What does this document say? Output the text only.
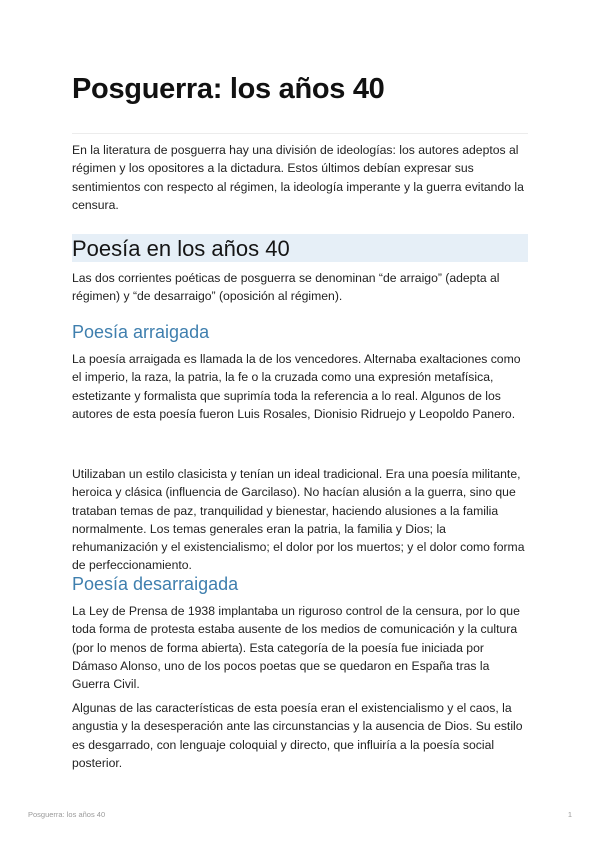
Posguerra: los años 40

En la literatura de posguerra hay una división de ideologías: los autores adeptos al régimen y los opositores a la dictadura. Estos últimos debían expresar sus sentimientos con respecto al régimen, la ideología imperante y la guerra evitando la censura.

Poesía en los años 40

Las dos corrientes poéticas de posguerra se denominan “de arraigo” (adepta al régimen) y “de desarraigo” (oposición al régimen).

Poesía arraigada

La poesía arraigada es llamada la de los vencedores. Alternaba exaltaciones como el imperio, la raza, la patria, la fe o la cruzada como una expresión metafísica, estetizante y formalista que suprimía toda la referencia a lo real. Algunos de los autores de esta poesía fueron Luis Rosales, Dionisio Ridruejo y Leopoldo Panero.

Utilizaban un estilo clasicista y tenían un ideal tradicional. Era una poesía militante, heroica y clásica (influencia de Garcilaso). No hacían alusión a la guerra, sino que trataban temas de paz, tranquilidad y bienestar, haciendo alusiones a la familia normalmente. Los temas generales eran la patria, la familia y Dios; la rehumanización y el existencialismo; el dolor por los muertos; y el dolor como forma de perfeccionamiento.

Poesía desarraigada

La Ley de Prensa de 1938 implantaba un riguroso control de la censura, por lo que toda forma de protesta estaba ausente de los medios de comunicación y la cultura (por lo menos de forma abierta). Esta categoría de la poesía fue iniciada por Dámaso Alonso, uno de los pocos poetas que se quedaron en España tras la Guerra Civil.

Algunas de las características de esta poesía eran el existencialismo y el caos, la angustia y la desesperación ante las circunstancias y la ausencia de Dios. Su estilo es desgarrado, con lenguaje coloquial y directo, que influiría a la poesía social posterior.

Posguerra: los años 40	1
